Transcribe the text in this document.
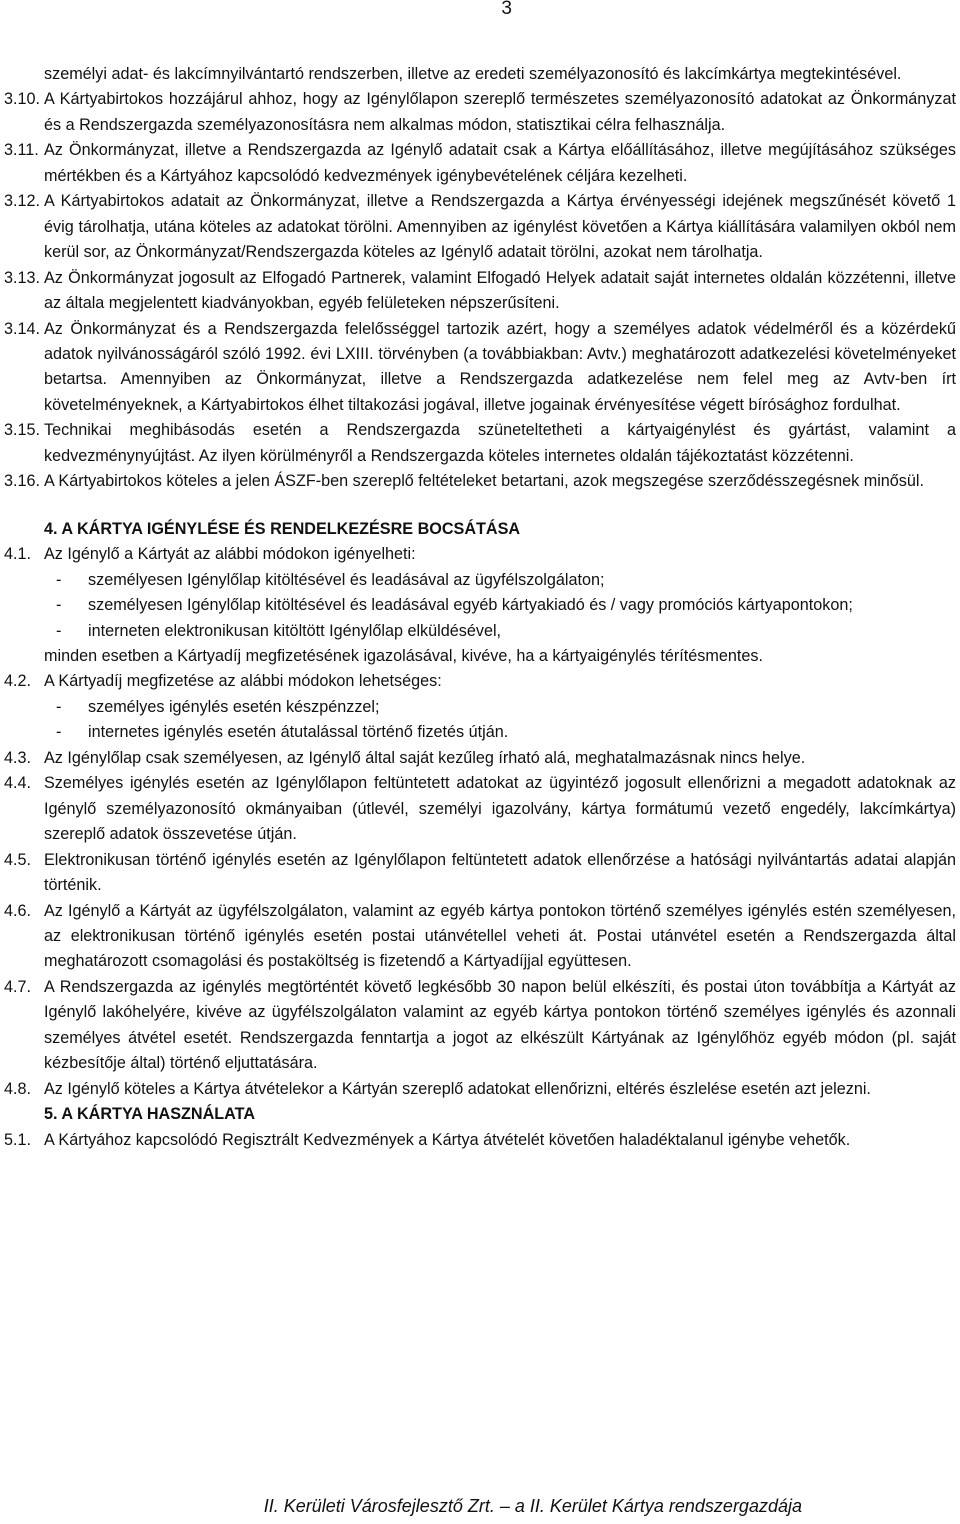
3
személyi adat- és lakcímnyilvántartó rendszerben, illetve az eredeti személyazonosító és lakcímkártya megtekintésével.
3.10. A Kártyabirtokos hozzájárul ahhoz, hogy az Igénylőlapon szereplő természetes személyazonosító adatokat az Önkormányzat és a Rendszergazda személyazonosításra nem alkalmas módon, statisztikai célra felhasználja.
3.11. Az Önkormányzat, illetve a Rendszergazda az Igénylő adatait csak a Kártya előállításához, illetve megújításához szükséges mértékben és a Kártyához kapcsolódó kedvezmények igénybevételének céljára kezelheti.
3.12. A Kártyabirtokos adatait az Önkormányzat, illetve a Rendszergazda a Kártya érvényességi idejének megszűnését követő 1 évig tárolhatja, utána köteles az adatokat törölni. Amennyiben az igénylést követően a Kártya kiállítására valamilyen okból nem kerül sor, az Önkormányzat/Rendszergazda köteles az Igénylő adatait törölni, azokat nem tárolhatja.
3.13. Az Önkormányzat jogosult az Elfogadó Partnerek, valamint Elfogadó Helyek adatait saját internetes oldalán közzétenni, illetve az általa megjelentett kiadványokban, egyéb felületeken népszerűsíteni.
3.14. Az Önkormányzat és a Rendszergazda felelősséggel tartozik azért, hogy a személyes adatok védelméről és a közérdekű adatok nyilvánosságáról szóló 1992. évi LXIII. törvényben (a továbbiakban: Avtv.) meghatározott adatkezelési követelményeket betartsa. Amennyiben az Önkormányzat, illetve a Rendszergazda adatkezelése nem felel meg az Avtv-ben írt követelményeknek, a Kártyabirtokos élhet tiltakozási jogával, illetve jogainak érvényesítése végett bírósághoz fordulhat.
3.15. Technikai meghibásodás esetén a Rendszergazda szüneteltetheti a kártyaigénylést és gyártást, valamint a kedvezménynyújtást. Az ilyen körülményről a Rendszergazda köteles internetes oldalán tájékoztatást közzétenni.
3.16. A Kártyabirtokos köteles a jelen ÁSZF-ben szereplő feltételeket betartani, azok megszegése szerződésszegésnek minősül.
4. A KÁRTYA IGÉNYLÉSE ÉS RENDELKEZÉSRE BOCSÁTÁSA
4.1. Az Igénylő a Kártyát az alábbi módokon igényelheti:
-	személyesen Igénylőlap kitöltésével és leadásával az ügyfélszolgálaton;
-	személyesen Igénylőlap kitöltésével és leadásával egyéb kártyakiadó és / vagy promóciós kártyapontokon;
-	interneten elektronikusan kitöltött Igénylőlap elküldésével,
minden esetben a Kártyadíj megfizetésének igazolásával, kivéve, ha a kártyaigénylés térítésmentes.
4.2. A Kártyadíj megfizetése az alábbi módokon lehetséges:
-	személyes igénylés esetén készpénzzel;
-	internetes igénylés esetén átutalással történő fizetés útján.
4.3. Az Igénylőlap csak személyesen, az Igénylő által saját kezűleg írható alá, meghatalmazásnak nincs helye.
4.4. Személyes igénylés esetén az Igénylőlapon feltüntetett adatokat az ügyintéző jogosult ellenőrizni a megadott adatoknak az Igénylő személyazonosító okmányaiban (útlevél, személyi igazolvány, kártya formátumú vezető engedély, lakcímkártya) szereplő adatok összevetése útján.
4.5. Elektronikusan történő igénylés esetén az Igénylőlapon feltüntetett adatok ellenőrzése a hatósági nyilvántartás adatai alapján történik.
4.6. Az Igénylő a Kártyát az ügyfélszolgálaton, valamint az egyéb kártya pontokon történő személyes igénylés estén személyesen, az elektronikusan történő igénylés esetén postai utánvétellel veheti át. Postai utánvétel esetén a Rendszergazda által meghatározott csomagolási és postaköltség is fizetendő a Kártyadíjjal együttesen.
4.7. A Rendszergazda az igénylés megtörténtét követő legkésőbb 30 napon belül elkészíti, és postai úton továbbítja a Kártyát az Igénylő lakóhelyére, kivéve az ügyfélszolgálaton valamint az egyéb kártya pontokon történő személyes igénylés és azonnali személyes átvétel esetét. Rendszergazda fenntartja a jogot az elkészült Kártyának az Igénylőhöz egyéb módon (pl. saját kézbesítője által) történő eljuttatására.
4.8. Az Igénylő köteles a Kártya átvételekor a Kártyán szereplő adatokat ellenőrizni, eltérés észlelése esetén azt jelezni.
5. A KÁRTYA HASZNÁLATA
5.1. A Kártyához kapcsolódó Regisztrált Kedvezmények a Kártya átvételét követően haladéktalanul igénybe vehetők.
II. Kerületi Városfejlesztő Zrt. – a II. Kerület Kártya rendszergazdája
